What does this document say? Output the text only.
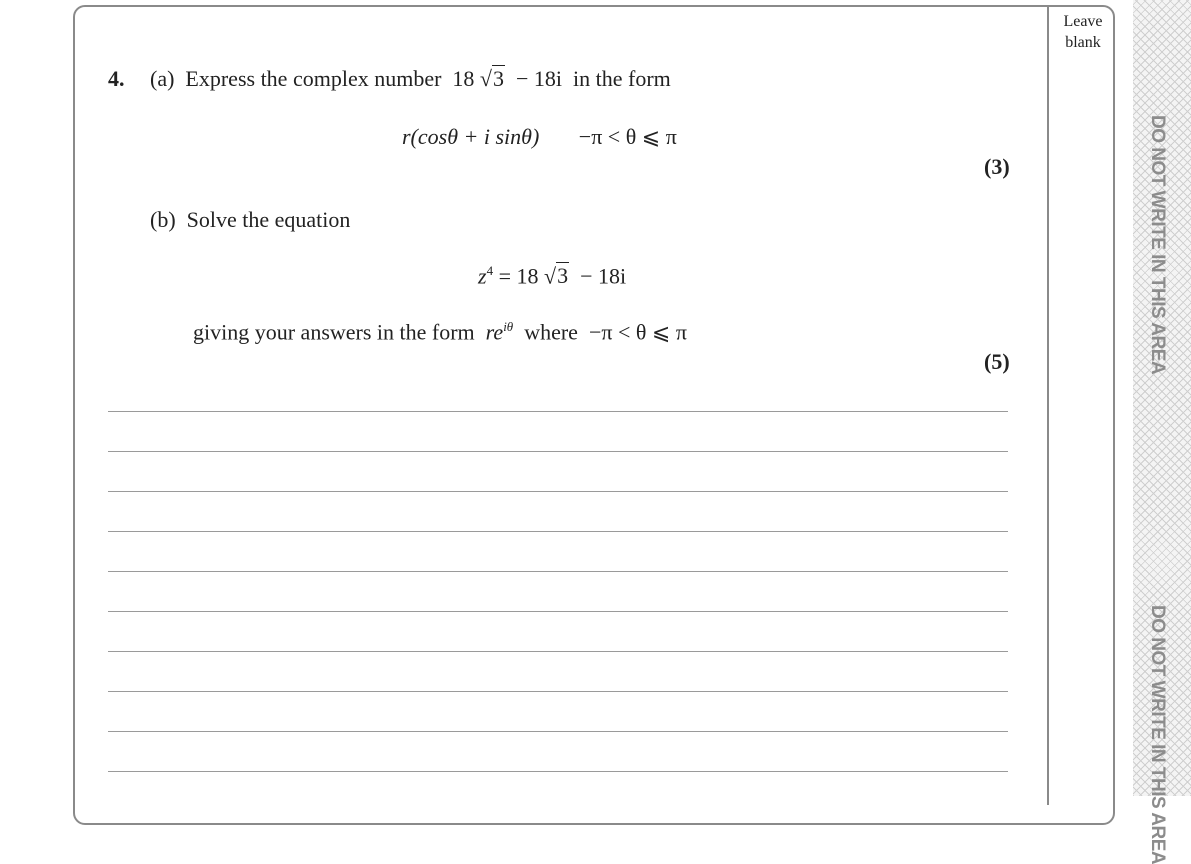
Leave
blank
DO NOT WRITE IN THIS AREA
DO NOT WRITE IN THIS AREA
4. (a) Express the complex number 18 √3 − 18i in the form
r(cosθ + i sinθ) −π < θ ⩽ π
(3)
(b) Solve the equation
$z^4 = 18$ √3 − 18i
giving your answers in the form $re^{i\theta}$ where −π < θ ⩽ π
(5)
